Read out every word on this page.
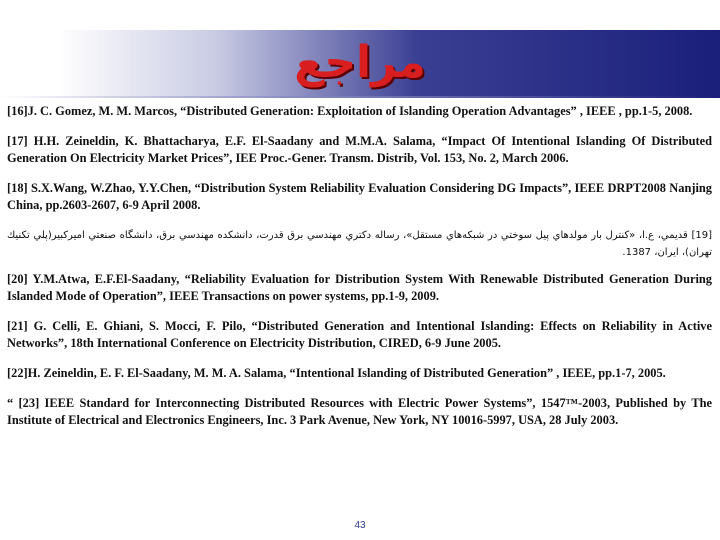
مراجع

[16]J. C. Gomez, M. M. Marcos, “Distributed Generation: Exploitation of Islanding Operation Advantages” , IEEE , pp.1-5, 2008.

[17] H.H. Zeineldin, K. Bhattacharya, E.F. El-Saadany and M.M.A. Salama, “Impact Of Intentional Islanding Of Distributed Generation On Electricity Market Prices”, IEE Proc.-Gener. Transm. Distrib, Vol. 153, No. 2, March 2006.

[18] S.X.Wang, W.Zhao, Y.Y.Chen, “Distribution System Reliability Evaluation Considering DG Impacts”, IEEE DRPT2008 Nanjing China, pp.2603-2607, 6-9 April 2008.

[19] قديمي، ع.ا، «كنترل بار مولدهاي پيل سوختي در شبكه‌هاي مستقل»، رساله دكتري مهندسي برق قدرت، دانشكده مهندسي برق، دانشگاه صنعتي اميركبير(پلي تكنيك تهران)، ايران، 1387.

[20] Y.M.Atwa, E.F.El-Saadany, “Reliability Evaluation for Distribution System With Renewable Distributed Generation During Islanded Mode of Operation”, IEEE Transactions on power systems, pp.1-9, 2009.

[21] G. Celli, E. Ghiani, S. Mocci, F. Pilo, “Distributed Generation and Intentional Islanding: Effects on Reliability in Active Networks”, 18th International Conference on Electricity Distribution, CIRED, 6-9 June 2005.

[22]H. Zeineldin, E. F. El-Saadany, M. M. A. Salama, “Intentional Islanding of Distributed Generation” , IEEE, pp.1-7, 2005.

“ [23] IEEE Standard for Interconnecting Distributed Resources with Electric Power Systems”, 1547™-2003, Published by The Institute of Electrical and Electronics Engineers, Inc. 3 Park Avenue, New York, NY 10016-5997, USA, 28 July 2003.

43
